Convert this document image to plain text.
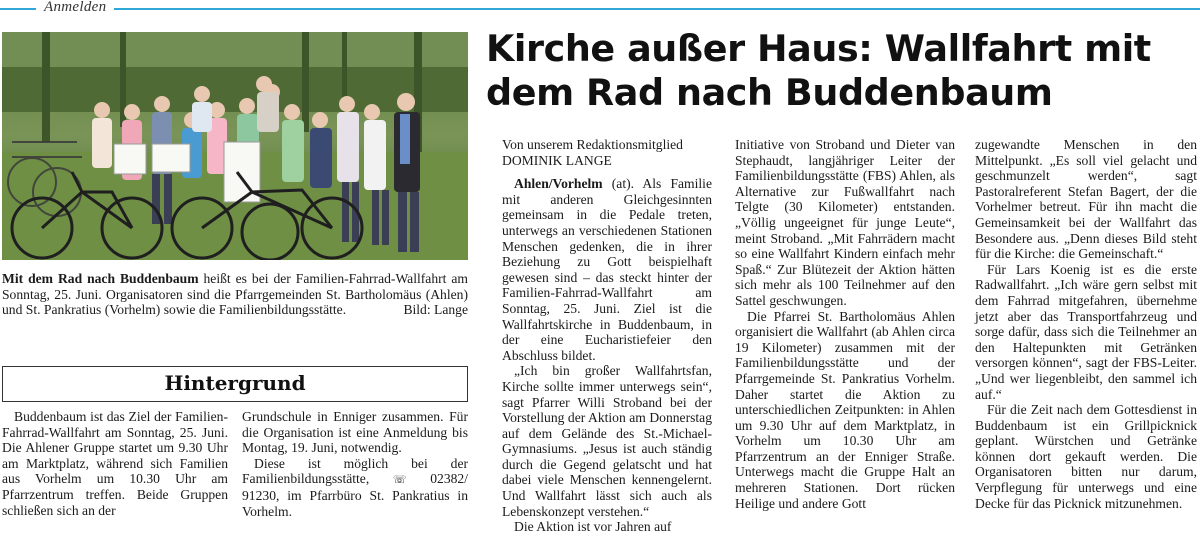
Anmelden
Mit dem Rad nach Buddenbaum heißt es bei der Familien-Fahrrad-Wallfahrt am Sonntag, 25. Juni. Organisatoren sind die Pfarrgemeinden St. Bartholomäus (Ahlen) und St. Pankratius (Vorhelm) sowie die Familienbildungsstätte.	Bild: Lange
Hintergrund

Buddenbaum ist das Ziel der Familien-Fahrrad-Wallfahrt am Sonntag, 25. Juni. Die Ahlener Gruppe startet um 9.30 Uhr am Marktplatz, während sich Familien aus Vorhelm um 10.30 Uhr am Pfarrzentrum treffen. Beide Gruppen schließen sich an der

Grundschule in Enniger zusammen. Für die Organisation ist eine Anmeldung bis Montag, 19. Juni, notwendig.

Diese ist möglich bei der Familienbildungsstätte, ☏ 02382/ 91230, im Pfarrbüro St. Pankratius in Vorhelm.

Kirche außer Haus: Wallfahrt mit dem Rad nach Buddenbaum

Von unserem Redaktionsmitglied
DOMINIK LANGE

Ahlen/Vorhelm (at). Als Familie mit anderen Gleichgesinnten gemeinsam in die Pedale treten, unterwegs an verschiedenen Stationen Menschen gedenken, die in ihrer Beziehung zu Gott beispielhaft gewesen sind – das steckt hinter der Familien-Fahrrad-Wallfahrt am Sonntag, 25. Juni. Ziel ist die Wallfahrtskirche in Buddenbaum, in der eine Eucharistiefeier den Abschluss bildet.

„Ich bin großer Wallfahrtsfan, Kirche sollte immer unterwegs sein“, sagt Pfarrer Willi Stroband bei der Vorstellung der Aktion am Donnerstag auf dem Gelände des St.-Michael-Gymnasiums. „Jesus ist auch ständig durch die Gegend gelatscht und hat dabei viele Menschen kennengelernt. Und Wallfahrt lässt sich auch als Lebenskonzept verstehen.“

Die Aktion ist vor Jahren auf

Initiative von Stroband und Dieter van Stephaudt, langjähriger Leiter der Familienbildungsstätte (FBS) Ahlen, als Alternative zur Fußwallfahrt nach Telgte (30 Kilometer) entstanden. „Völlig ungeeignet für junge Leute“, meint Stroband. „Mit Fahrrädern macht so eine Wallfahrt Kindern einfach mehr Spaß.“ Zur Blütezeit der Aktion hätten sich mehr als 100 Teilnehmer auf den Sattel geschwungen.

Die Pfarrei St. Bartholomäus Ahlen organisiert die Wallfahrt (ab Ahlen circa 19 Kilometer) zusammen mit der Familienbildungsstätte und der Pfarrgemeinde St. Pankratius Vorhelm. Daher startet die Aktion zu unterschiedlichen Zeitpunkten: in Ahlen um 9.30 Uhr auf dem Marktplatz, in Vorhelm um 10.30 Uhr am Pfarrzentrum an der Enniger Straße. Unterwegs macht die Gruppe Halt an mehreren Stationen. Dort rücken Heilige und andere Gott

zugewandte Menschen in den Mittelpunkt. „Es soll viel gelacht und geschmunzelt werden“, sagt Pastoralreferent Stefan Bagert, der die Vorhelmer betreut. Für ihn macht die Gemeinsamkeit bei der Wallfahrt das Besondere aus. „Denn dieses Bild steht für die Kirche: die Gemeinschaft.“

Für Lars Koenig ist es die erste Radwallfahrt. „Ich wäre gern selbst mit dem Fahrrad mitgefahren, übernehme jetzt aber das Transportfahrzeug und sorge dafür, dass sich die Teilnehmer an den Haltepunkten mit Getränken versorgen können“, sagt der FBS-Leiter. „Und wer liegenbleibt, den sammel ich auf.“

Für die Zeit nach dem Gottesdienst in Buddenbaum ist ein Grillpicknick geplant. Würstchen und Getränke können dort gekauft werden. Die Organisatoren bitten nur darum, Verpflegung für unterwegs und eine Decke für das Picknick mitzunehmen.
